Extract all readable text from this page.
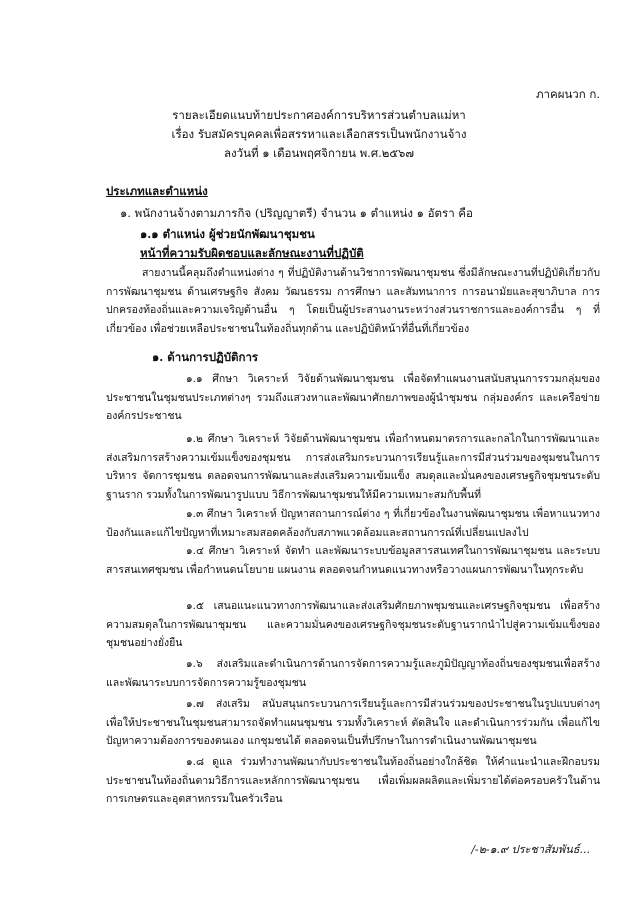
ภาคผนวก ก.
รายละเอียดแนบท้ายประกาศองค์การบริหารส่วนตำบลแม่หา
เรื่อง รับสมัครบุคคลเพื่อสรรหาและเลือกสรรเป็นพนักงานจ้าง
ลงวันที่ ๑ เดือนพฤศจิกายน พ.ศ.๒๕๖๗
ประเภทและตำแหน่ง
๑. พนักงานจ้างตามภารกิจ (ปริญญาตรี) จำนวน ๑ ตำแหน่ง ๑ อัตรา คือ
๑.๑ ตำแหน่ง ผู้ช่วยนักพัฒนาชุมชน
หน้าที่ความรับผิดชอบและลักษณะงานที่ปฏิบัติ
สายงานนี้คลุมถึงตำแหน่งต่าง ๆ ที่ปฏิบัติงานด้านวิชาการพัฒนาชุมชน ซึ่งมีลักษณะงานที่ปฏิบัติเกี่ยวกับการพัฒนาชุมชน ด้านเศรษฐกิจ สังคม วัฒนธรรม การศึกษา และสัมทนาการ การอนามัยและสุขาภิบาล การปกครองท้องถิ่นและความเจริญด้านอื่น ๆ โดยเป็นผู้ประสานงานระหว่างส่วนราชการและองค์การอื่น ๆ ที่เกี่ยวข้อง เพื่อช่วยเหลือประชาชนในท้องถิ่นทุกด้าน และปฏิบัติหน้าที่อื่นที่เกี่ยวข้อง
๑. ด้านการปฏิบัติการ
๑.๑ ศึกษา วิเคราะห์ วิจัยด้านพัฒนาชุมชน เพื่อจัดทำแผนงานสนับสนุนการรวมกลุ่มของประชาชนในชุมชนประเภทต่างๆ รวมถึงแสวงหาและพัฒนาศักยภาพของผู้นำชุมชน กลุ่มองค์กร และเครือข่ายองค์กรประชาชน
๑.๒ ศึกษา วิเคราะห์ วิจัยด้านพัฒนาชุมชน เพื่อกำหนดมาตรการและกลไกในการพัฒนาและส่งเสริมการสร้างความเข้มแข็งของชุมชน การส่งเสริมกระบวนการเรียนรู้และการมีส่วนร่วมของชุมชนในการบริหาร จัดการชุมชน ตลอดจนการพัฒนาและส่งเสริมความเข้มแข็ง สมดุลและมั่นคงของเศรษฐกิจชุมชนระดับฐานราก รวมทั้งในการพัฒนารูปแบบ วิธีการพัฒนาชุมชนให้มีความเหมาะสมกับพื้นที่
๑.๓ ศึกษา วิเคราะห์ ปัญหาสถานการณ์ต่าง ๆ ที่เกี่ยวข้องในงานพัฒนาชุมชน เพื่อหาแนวทางป้องกันและแก้ไขปัญหาที่เหมาะสมสอดคล้องกับสภาพแวดล้อมและสถานการณ์ที่เปลี่ยนแปลงไป
๑.๔ ศึกษา วิเคราะห์ จัดทำ และพัฒนาระบบข้อมูลสารสนเทศในการพัฒนาชุมชน และระบบสารสนเทศชุมชน เพื่อกำหนดนโยบาย แผนงาน ตลอดจนกำหนดแนวทางหรือวางแผนการพัฒนาในทุกระดับ
๑.๕ เสนอแนะแนวทางการพัฒนาและส่งเสริมศักยภาพชุมชนและเศรษฐกิจชุมชน เพื่อสร้างความสมดุลในการพัฒนาชุมชน และความมั่นคงของเศรษฐกิจชุมชนระดับฐานรากนำไปสู่ความเข้มแข็งของชุมชนอย่างยั่งยืน
๑.๖ ส่งเสริมและดำเนินการด้านการจัดการความรู้และภูมิปัญญาท้องถิ่นของชุมชนเพื่อสร้างและพัฒนาระบบการจัดการความรู้ของชุมชน
๑.๗ ส่งเสริม สนับสนุนกระบวนการเรียนรู้และการมีส่วนร่วมของประชาชนในรูปแบบต่างๆ เพื่อให้ประชาชนในชุมชนสามารถจัดทำแผนชุมชน รวมทั้งวิเคราะห์ ตัดสินใจ และดำเนินการร่วมกัน เพื่อแก้ไขปัญหาความต้องการของตนเอง แกชุมชนได้ ตลอดจนเป็นที่ปรึกษาในการดำเนินงานพัฒนาชุมชน
๑.๘ ดูแล ร่วมทำงานพัฒนากับประชาชนในท้องถิ่นอย่างใกล้ชิด ให้คำแนะนำและฝึกอบรมประชาชนในท้องถิ่นตามวิธีการและหลักการพัฒนาชุมชน เพื่อเพิ่มผลผลิตและเพิ่มรายได้ต่อครอบครัวในด้านการเกษตรและอุตสาหกรรมในครัวเรือน
/-๒-๑.๙ ประชาสัมพันธ์...
